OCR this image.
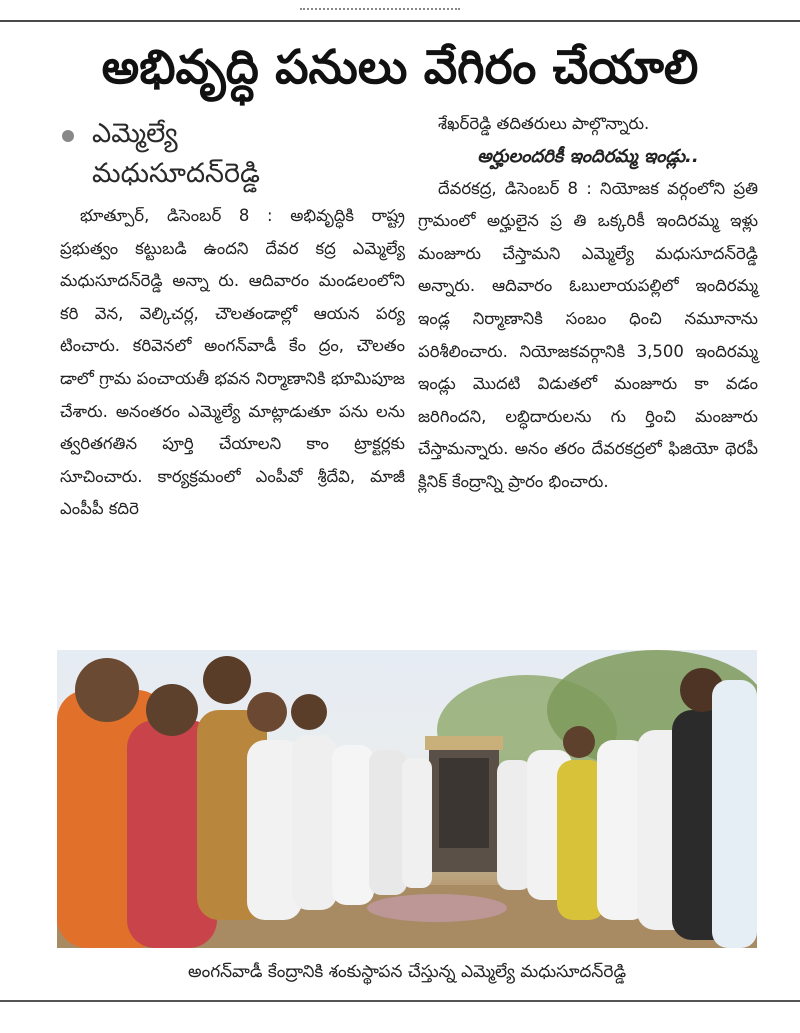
అభివృద్ధి పనులు వేగిరం చేయాలి
ఎమ్మెల్యే మధుసూదన్‌రెడ్డి

భూత్పూర్‌, డిసెంబర్‌ 8 : అభివృద్ధికి రాష్ట్ర ప్రభుత్వం కట్టుబడి ఉందని దేవర కద్ర ఎమ్మెల్యే మధుసూదన్‌రెడ్డి అన్నా రు. ఆదివారం మండలంలోని కరి వెన, వెల్కిచర్ల, చౌలతండాల్లో ఆయన పర్య టించారు. కరివెనలో అంగన్‌వాడీ కేం ద్రం, చౌలతం డాలో గ్రామ పంచాయతీ భవన నిర్మాణానికి భూమిపూజ చేశారు. అనంతరం ఎమ్మెల్యే మాట్లాడుతూ పను లను త్వరితగతిన పూర్తి చేయాలని కాం ట్రాక్టర్లకు సూచించారు. కార్యక్రమంలో ఎంపీవో శ్రీదేవి, మాజీ ఎంపీపీ కదిరె

శేఖర్‌రెడ్డి తదితరులు పాల్గొన్నారు.

అర్హులందరికీ ఇందిరమ్మ ఇండ్లు..

దేవరకద్ర, డిసెంబర్‌ 8 : నియోజక వర్గంలోని ప్రతి గ్రామంలో అర్హులైన ప్ర తి ఒక్కరికీ ఇందిరమ్మ ఇళ్లు మంజూరు చేస్తామని ఎమ్మెల్యే మధుసూదన్‌రెడ్డి అన్నారు. ఆదివారం ఓబులాయపల్లిలో ఇందిరమ్మ ఇండ్ల నిర్మాణానికి సంబం ధించి నమూనాను పరిశీలించారు. నియోజకవర్గానికి 3,500 ఇందిరమ్మ ఇండ్లు మొదటి విడుతలో మంజూరు కా వడం జరిగిందని, లబ్ధిదారులను గు ర్తించి మంజూరు చేస్తామన్నారు. అనం తరం దేవరకద్రలో ఫిజియో థెరపీ క్లినిక్‌ కేంద్రాన్ని ప్రారం భించారు.

అంగన్‌వాడీ కేంద్రానికి శంకుస్థాపన చేస్తున్న ఎమ్మెల్యే మధుసూదన్‌రెడ్డి
